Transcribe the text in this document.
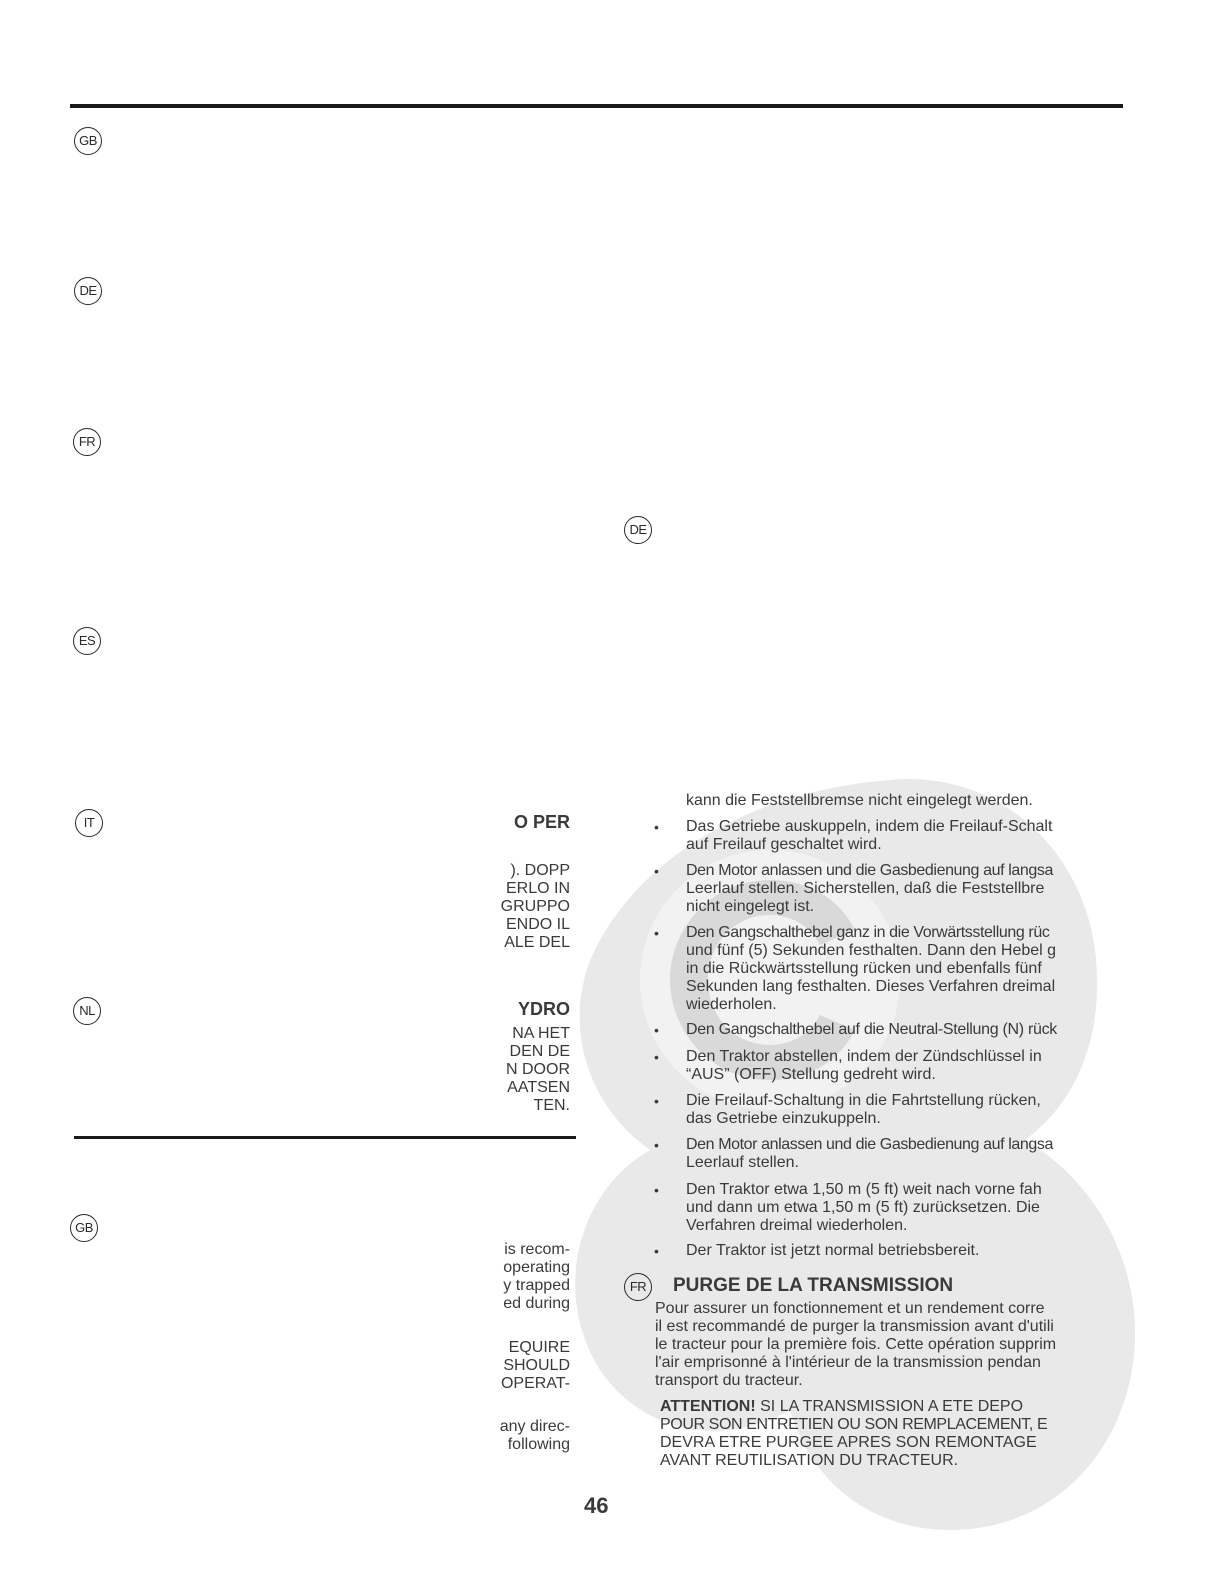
GB
DE
FR
ES
IT
NL
GB
DE
FR
O PER
). DOPP
ERLO IN
GRUPPO
ENDO IL
ALE DEL
YDRO
NA HET
DEN DE
N DOOR
AATSEN
TEN.
is recom-
operating
y trapped
ed during
EQUIRE
SHOULD
OPERAT-
any direc-
following
kann die Feststellbremse nicht eingelegt werden.
• Das Getriebe auskuppeln, indem die Freilauf-Schalt
auf Freilauf geschaltet wird.
• Den Motor anlassen und die Gasbedienung auf langsa
Leerlauf stellen. Sicherstellen, daß die Feststellbre
nicht eingelegt ist.
• Den Gangschalthebel ganz in die Vorwärtsstellung rüc
und fünf (5) Sekunden festhalten. Dann den Hebel g
in die Rückwärtsstellung rücken und ebenfalls fünf
Sekunden lang festhalten. Dieses Verfahren dreimal
wiederholen.
• Den Gangschalthebel auf die Neutral-Stellung (N) rück
• Den Traktor abstellen, indem der Zündschlüssel in
“AUS” (OFF) Stellung gedreht wird.
• Die Freilauf-Schaltung in die Fahrtstellung rücken,
das Getriebe einzukuppeln.
• Den Motor anlassen und die Gasbedienung auf langsa
Leerlauf stellen.
• Den Traktor etwa 1,50 m (5 ft) weit nach vorne fah
und dann um etwa 1,50 m (5 ft) zurücksetzen. Die
Verfahren dreimal wiederholen.
• Der Traktor ist jetzt normal betriebsbereit.
PURGE DE LA TRANSMISSION
Pour assurer un fonctionnement et un rendement corre
il est recommandé de purger la transmission avant d'utili
le tracteur pour la première fois. Cette opération supprim
l'air emprisonné à l'intérieur de la transmission pendan
transport du tracteur.
ATTENTION! SI LA TRANSMISSION A ETE DEPO
POUR SON ENTRETIEN OU SON REMPLACEMENT, E
DEVRA ETRE PURGEE APRES SON REMONTAGE
AVANT REUTILISATION DU TRACTEUR.
46
